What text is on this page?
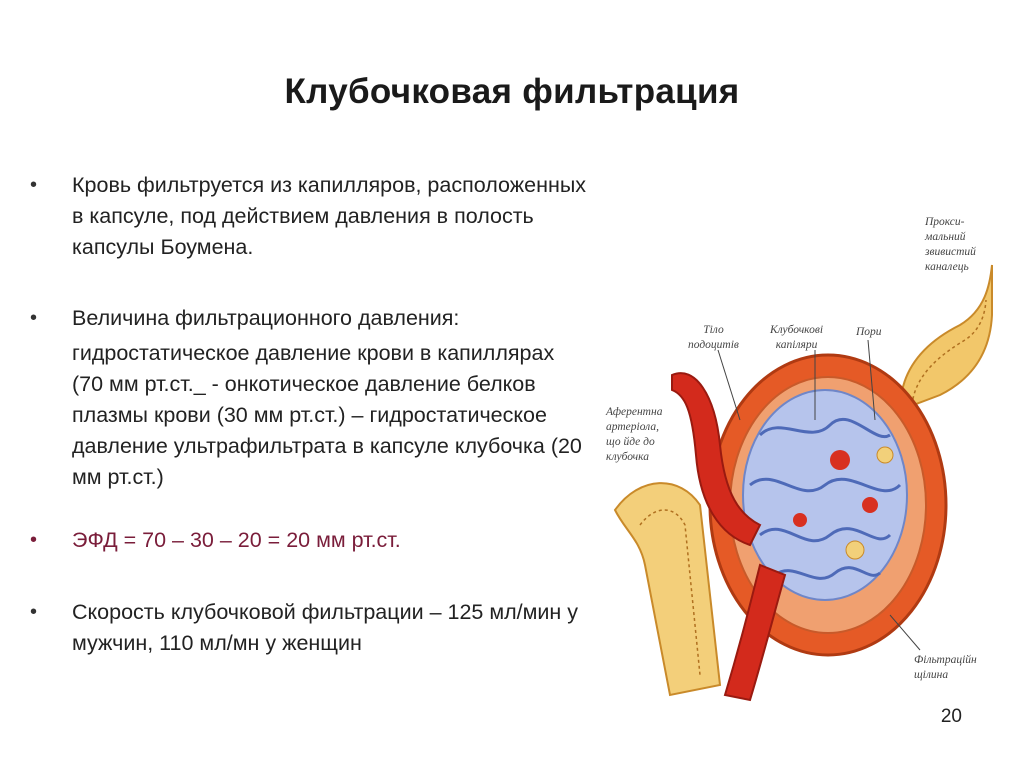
Клубочковая фильтрация
•	Кровь фильтруется из капилляров, расположенных в капсуле, под действием давления в полость капсулы Боумена.
•	Величина фильтрационного давления:
гидростатическое давление крови в капиллярах (70 мм рт.ст._ - онкотическое давление белков плазмы крови (30 мм рт.ст.) – гидростатическое давление ультрафильтрата в капсуле клубочка (20 мм рт.ст.)
•	ЭФД = 70 – 30 – 20 = 20 мм рт.ст.
•	Скорость клубочковой фильтрации – 125 мл/мин у мужчин, 110 мл/мн у женщин
Прокси-
мальний
звивистий
каналець
Тіло
подоцитів
Клубочкові
капіляри
Пори
Аферентна
артеріола,
що йде до
клубочка
Фільтраційн
щілина
20
